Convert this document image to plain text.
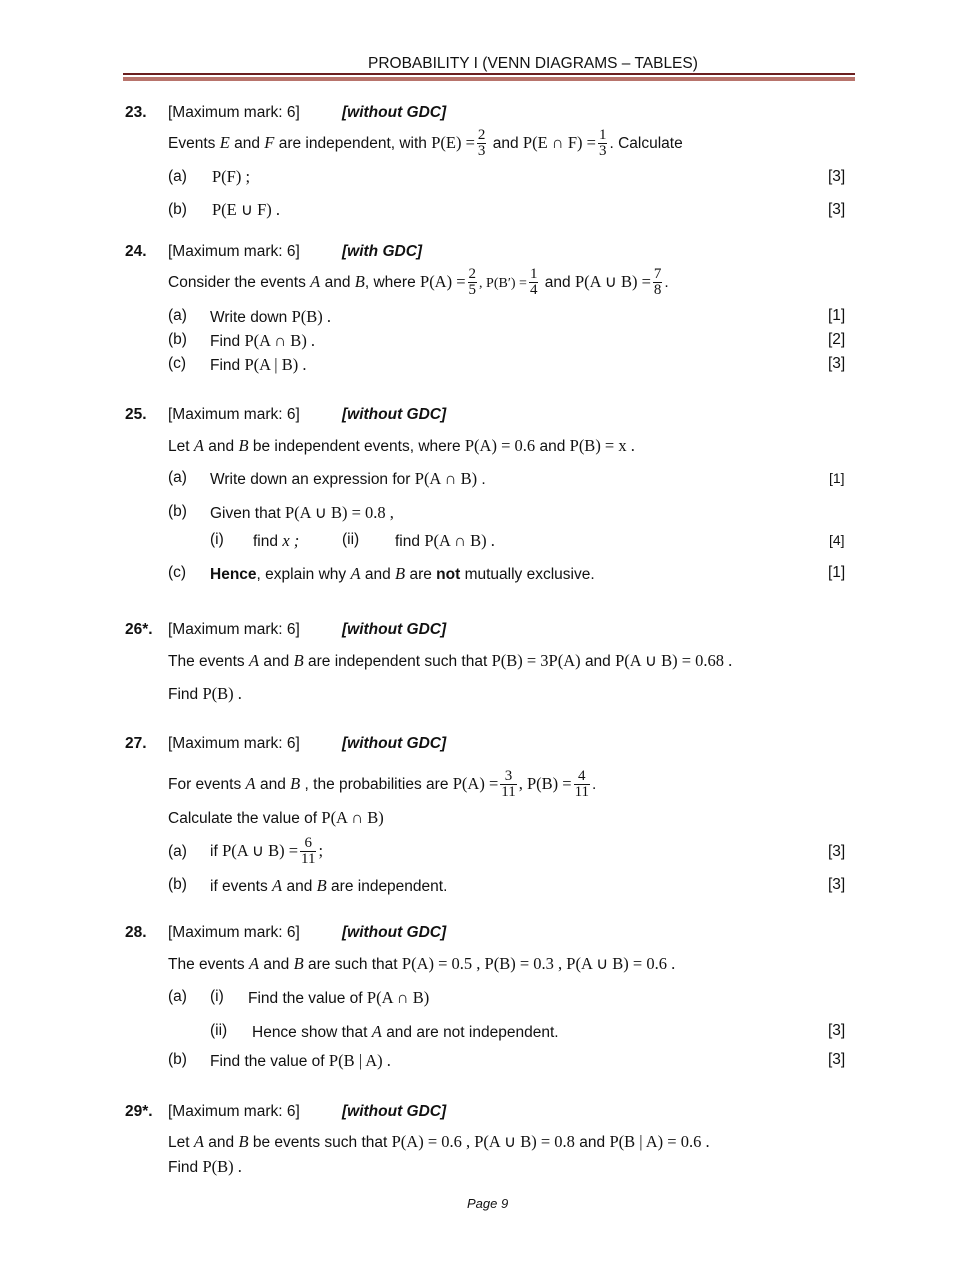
PROBABILITY I (VENN DIAGRAMS – TABLES)
23. [Maximum mark: 6]	[without GDC]
Events E and F are independent, with $P(E) = \frac{2}{3}$ and P(E ∩ $F) = \frac{1}{3}$ . Calculate
(a) P(F) ;	[3]
(b) P(E ∪ F) .	[3]
24. [Maximum mark: 6]	[with GDC]
Consider the events A and B, where $P(A) = \frac{2}{5}$ , $P(B') = \frac{1}{4}$ and P(A ∪ $B) = \frac{7}{8}$ .
(a) Write down P(B) .	[1]
(b) Find P(A ∩ B) .	[2]
(c) Find P(A | B) .	[3]
25. [Maximum mark: 6]	[without GDC]
Let A and B be independent events, where P(A) = 0.6 and P(B) = x .
(a) Write down an expression for P(A ∩ B) .	[1]
(b) Given that P(A ∪ B) = 0.8 ,
(i) find x ;	(ii) find P(A ∩ B) .	[4]
(c) Hence, explain why A and B are not mutually exclusive.	[1]
26*. [Maximum mark: 6]	[without GDC]
The events A and B are independent such that P(B) = 3P(A) and P(A ∪ B) = 0.68 .
Find P(B) .
27. [Maximum mark: 6]	[without GDC]
For events A and B , the probabilities are $P(A) = \frac{3}{11}$ , $P(B) = \frac{4}{11}$ .
Calculate the value of P(A ∩ B)
(a) if P(A ∪ $B) = \frac{6}{11}$ ;	[3]
(b) if events A and B are independent.	[3]
28. [Maximum mark: 6]	[without GDC]
The events A and B are such that P(A) = 0.5 , P(B) = 0.3 , P(A ∪ B) = 0.6 .
(a) (i) Find the value of P(A ∩ B)
(ii) Hence show that A and are not independent.	[3]
(b) Find the value of P(B | A) .	[3]
29*. [Maximum mark: 6]	[without GDC]
Let A and B be events such that P(A) = 0.6 , P(A ∪ B) = 0.8 and P(B | A) = 0.6 .
Find P(B) .
Page 9
